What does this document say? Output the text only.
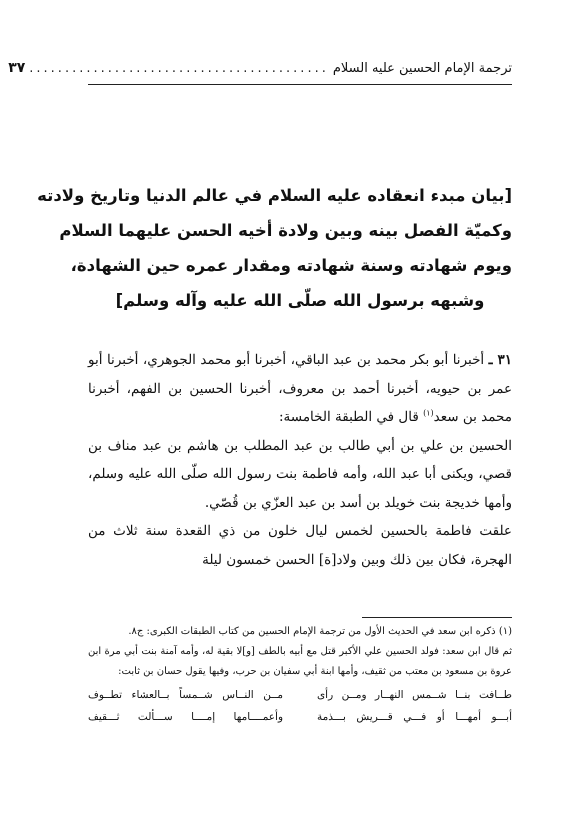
ترجمة الإمام الحسين عليه السلام
..........................................
٣٧
[بيان مبدء انعقاده عليه السلام في عالم الدنيا وتاريخ ولادته
وكميّة الفصل بينه وبين ولادة أخيه الحسن عليهما السلام
ويوم شهادته وسنة شهادته ومقدار عمره حين الشهادة،
وشبهه برسول الله صلّى الله عليه وآله وسلم]

٣١ ـ أخبرنا أبو بكر محمد بن عبد الباقي، أخبرنا أبو محمد الجوهري، أخبرنا أبو عمر بن حيويه، أخبرنا أحمد بن معروف، أخبرنا الحسين بن الفهم، أخبرنا محمد بن سعد$^{(١)}$ قال في الطبقة الخامسة:

الحسين بن علي بن أبي طالب بن عبد المطلب بن هاشم بن عبد مناف بن قصي، ويكنى أبا عبد الله، وأمه فاطمة بنت رسول الله صلّى الله عليه وسلم، وأمها خديجة بنت خويلد بن أسد بن عبد العزّي بن قُصّي.

علقت فاطمة بالحسين لخمس ليال خلون من ذي القعدة سنة ثلاث من الهجرة، فكان بين ذلك وبين ولاد[ة] الحسن خمسون ليلة

(١) ذكره ابن سعد في الحديث الأول من ترجمة الإمام الحسين من كتاب الطبقات الكبرى: ج٨.

ثم قال ابن سعد: فولد الحسين علي الأكبر قتل مع أبيه بالطف [و]لا بقية له، وأمه آمنة بنت أبي مرة ابن عروة بن مسعود بن معتب من ثقيف، وأمها ابنة أبي سفيان بن حرب، وفيها يقول حسان بن ثابت:

طــافت بنــا شــمس النهــار ومــن رأى
مــن النــاس شــمساً بــالعشاء تطــوف
أبـــو أمهـــا أو فـــي قـــريش بـــذمة
وأعمــــامها إمــــا ســـألت ثـــقيف
